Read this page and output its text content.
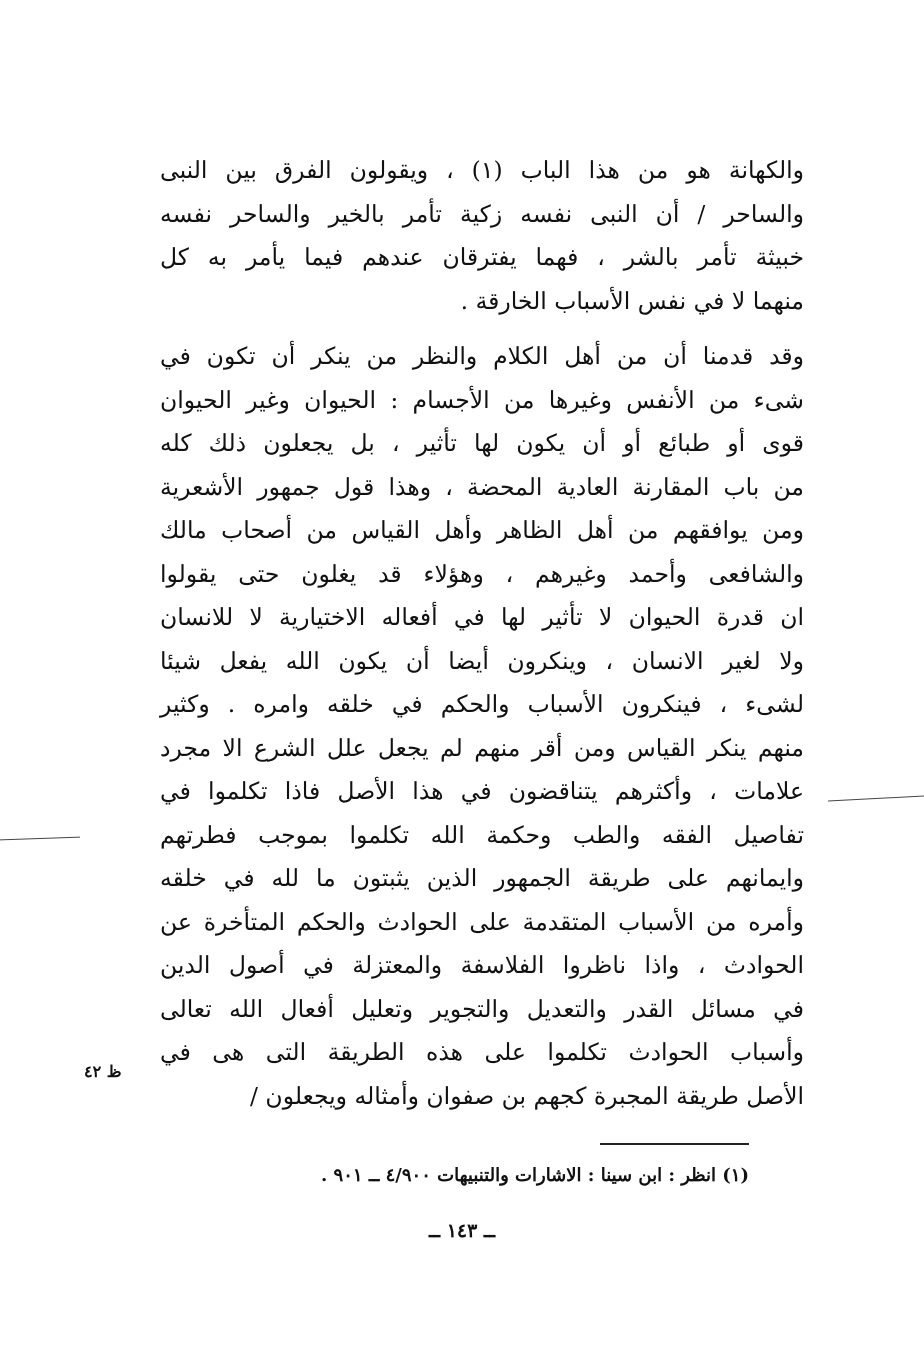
والكهانة هو من هذا الباب (١) ، ويقولون الفرق بين النبى
والساحر / أن النبى نفسه زكية تأمر بالخير والساحر نفسه
خبيثة تأمر بالشر ، فهما يفترقان عندهم فيما يأمر به كل
منهما لا في نفس الأسباب الخارقة .
وقد قدمنا أن من أهل الكلام والنظر من ينكر أن تكون في
شىء من الأنفس وغيرها من الأجسام : الحيوان وغير الحيوان
قوى أو طبائع أو أن يكون لها تأثير ، بل يجعلون ذلك كله
من باب المقارنة العادية المحضة ، وهذا قول جمهور الأشعرية
ومن يوافقهم من أهل الظاهر وأهل القياس من أصحاب مالك
والشافعى وأحمد وغيرهم ، وهؤلاء قد يغلون حتى يقولوا
ان قدرة الحيوان لا تأثير لها في أفعاله الاختيارية لا للانسان
ولا لغير الانسان ، وينكرون أيضا أن يكون الله يفعل شيئا
لشىء ، فينكرون الأسباب والحكم في خلقه وامره . وكثير
منهم ينكر القياس ومن أقر منهم لم يجعل علل الشرع الا مجرد
علامات ، وأكثرهم يتناقضون في هذا الأصل فاذا تكلموا في
تفاصيل الفقه والطب وحكمة الله تكلموا بموجب فطرتهم
وايمانهم على طريقة الجمهور الذين يثبتون ما لله في خلقه
وأمره من الأسباب المتقدمة على الحوادث والحكم المتأخرة عن
الحوادث ، واذا ناظروا الفلاسفة والمعتزلة في أصول الدين
في مسائل القدر والتعديل والتجوير وتعليل أفعال الله تعالى
وأسباب الحوادث تكلموا على هذه الطريقة التى هى في
الأصل طريقة المجبرة كجهم بن صفوان وأمثاله ويجعلون /
ظ ٤٢
(١) انظر : ابن سينا : الاشارات والتنبيهات ٤/٩٠٠ ــ ٩٠١ .
ــ ١٤٣ ــ
